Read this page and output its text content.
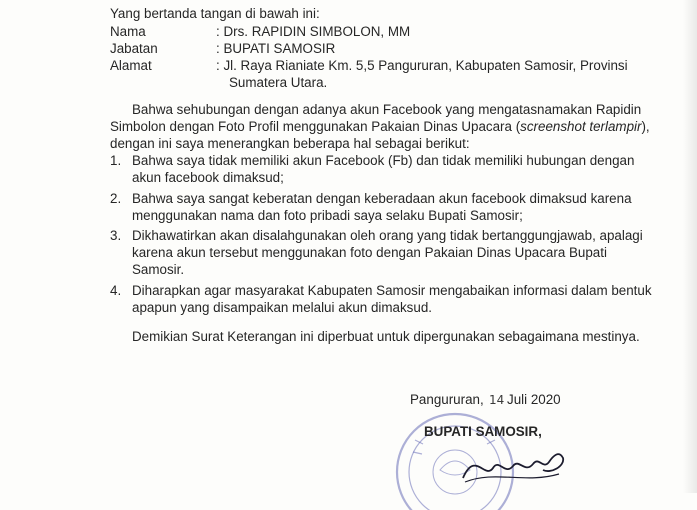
Yang bertanda tangan di bawah ini:
Nama	: Drs. RAPIDIN SIMBOLON, MM
Jabatan	: BUPATI SAMOSIR
Alamat	: Jl. Raya Rianiate Km. 5,5 Pangururan, Kabupaten Samosir, Provinsi
Sumatera Utara.
Bahwa sehubungan dengan adanya akun Facebook yang mengatasnamakan Rapidin
Simbolon dengan Foto Profil menggunakan Pakaian Dinas Upacara (screenshot terlampir),
dengan ini saya menerangkan beberapa hal sebagai berikut:
1. Bahwa saya tidak memiliki akun Facebook (Fb) dan tidak memiliki hubungan dengan
akun facebook dimaksud;
2. Bahwa saya sangat keberatan dengan keberadaan akun facebook dimaksud karena
menggunakan nama dan foto pribadi saya selaku Bupati Samosir;
3. Dikhawatirkan akan disalahgunakan oleh orang yang tidak bertanggungjawab, apalagi
karena akun tersebut menggunakan foto dengan Pakaian Dinas Upacara Bupati
Samosir.
4. Diharapkan agar masyarakat Kabupaten Samosir mengabaikan informasi dalam bentuk
apapun yang disampaikan melalui akun dimaksud.
Demikian Surat Keterangan ini diperbuat untuk dipergunakan sebagaimana mestinya.
Pangururan, 14 Juli 2020
BUPATI SAMOSIR,
